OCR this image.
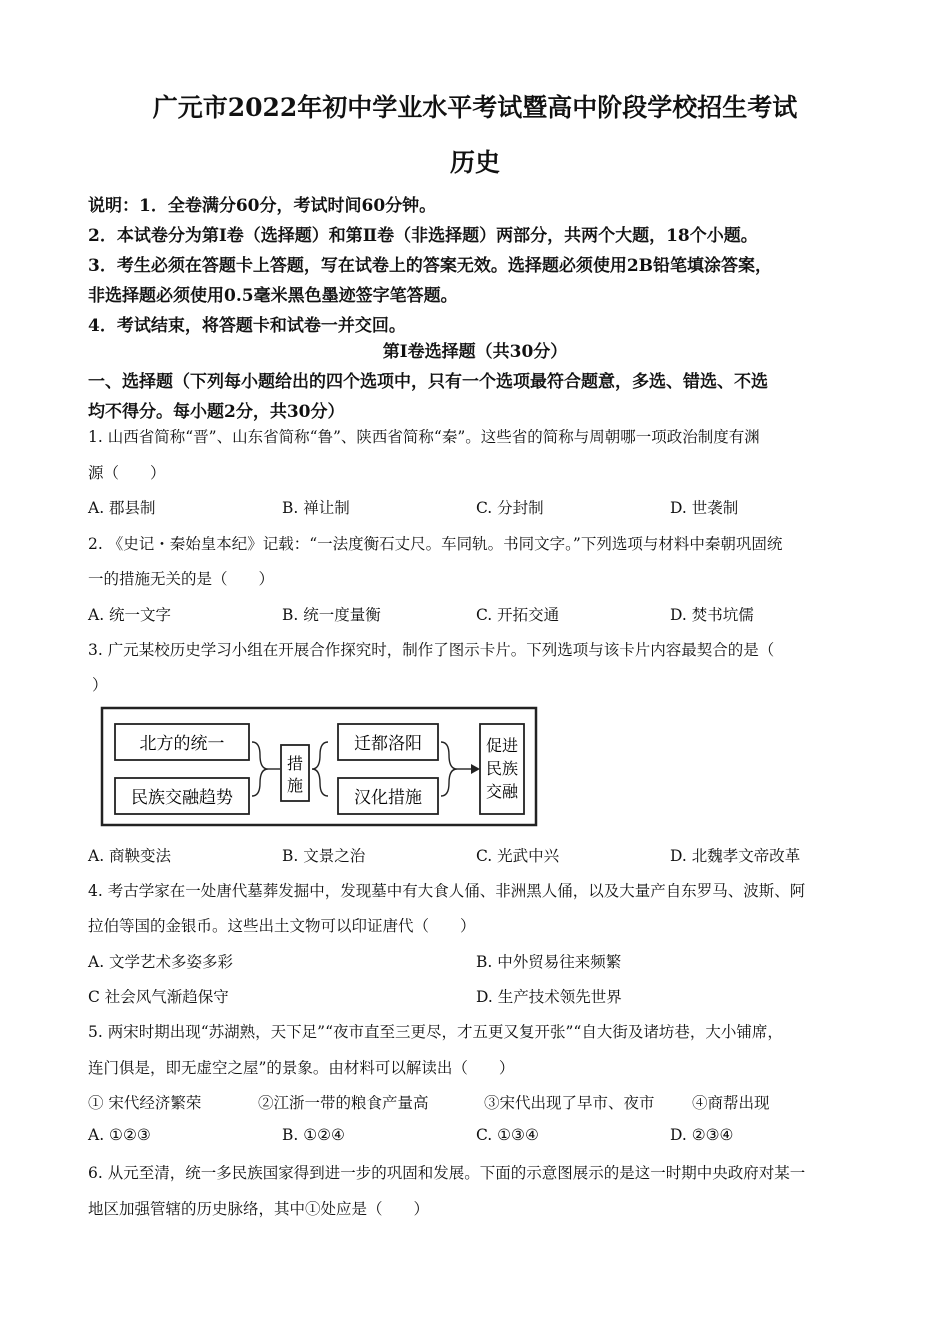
广元市2022年初中学业水平考试暨高中阶段学校招生考试
历史
说明：1．全卷满分60分，考试时间60分钟。
2．本试卷分为第Ⅰ卷（选择题）和第Ⅱ卷（非选择题）两部分，共两个大题，18个小题。
3．考生必须在答题卡上答题，写在试卷上的答案无效。选择题必须使用2B铅笔填涂答案，
非选择题必须使用0.5毫米黑色墨迹签字笔答题。
4．考试结束，将答题卡和试卷一并交回。
第Ⅰ卷选择题（共30分）
一、选择题（下列每小题给出的四个选项中，只有一个选项最符合题意，多选、错选、不选
均不得分。每小题2分，共30分）
1. 山西省简称“晋”、山东省简称“鲁”、陕西省简称“秦”。这些省的简称与周朝哪一项政治制度有渊
源（　　）
A. 郡县制	B. 禅让制	C. 分封制	D. 世袭制
2. 《史记・秦始皇本纪》记载：“一法度衡石丈尺。车同轨。书同文字。”下列选项与材料中秦朝巩固统
一的措施无关的是（　　）
A. 统一文字	B. 统一度量衡	C. 开拓交通	D. 焚书坑儒
3. 广元某校历史学习小组在开展合作探究时，制作了图示卡片。下列选项与该卡片内容最契合的是（
）
北方的统一
民族交融趋势
措
施
迁都洛阳
汉化措施
促进
民族
交融
A. 商鞅变法	B. 文景之治	C. 光武中兴	D. 北魏孝文帝改革
4. 考古学家在一处唐代墓葬发掘中，发现墓中有大食人俑、非洲黑人俑，以及大量产自东罗马、波斯、阿
拉伯等国的金银币。这些出土文物可以印证唐代（　　）
A. 文学艺术多姿多彩	B. 中外贸易往来频繁
C 社会风气渐趋保守	D. 生产技术领先世界
5. 两宋时期出现“苏湖熟，天下足”“夜市直至三更尽，才五更又复开张”“自大街及诸坊巷，大小铺席，
连门俱是，即无虚空之屋”的景象。由材料可以解读出（　　）
① 宋代经济繁荣	②江浙一带的粮食产量高	③宋代出现了早市、夜市 ④商帮出现
A. ①②③	B. ①②④	C. ①③④	D. ②③④
6. 从元至清，统一多民族国家得到进一步的巩固和发展。下面的示意图展示的是这一时期中央政府对某一
地区加强管辖的历史脉络，其中①处应是（　　）
